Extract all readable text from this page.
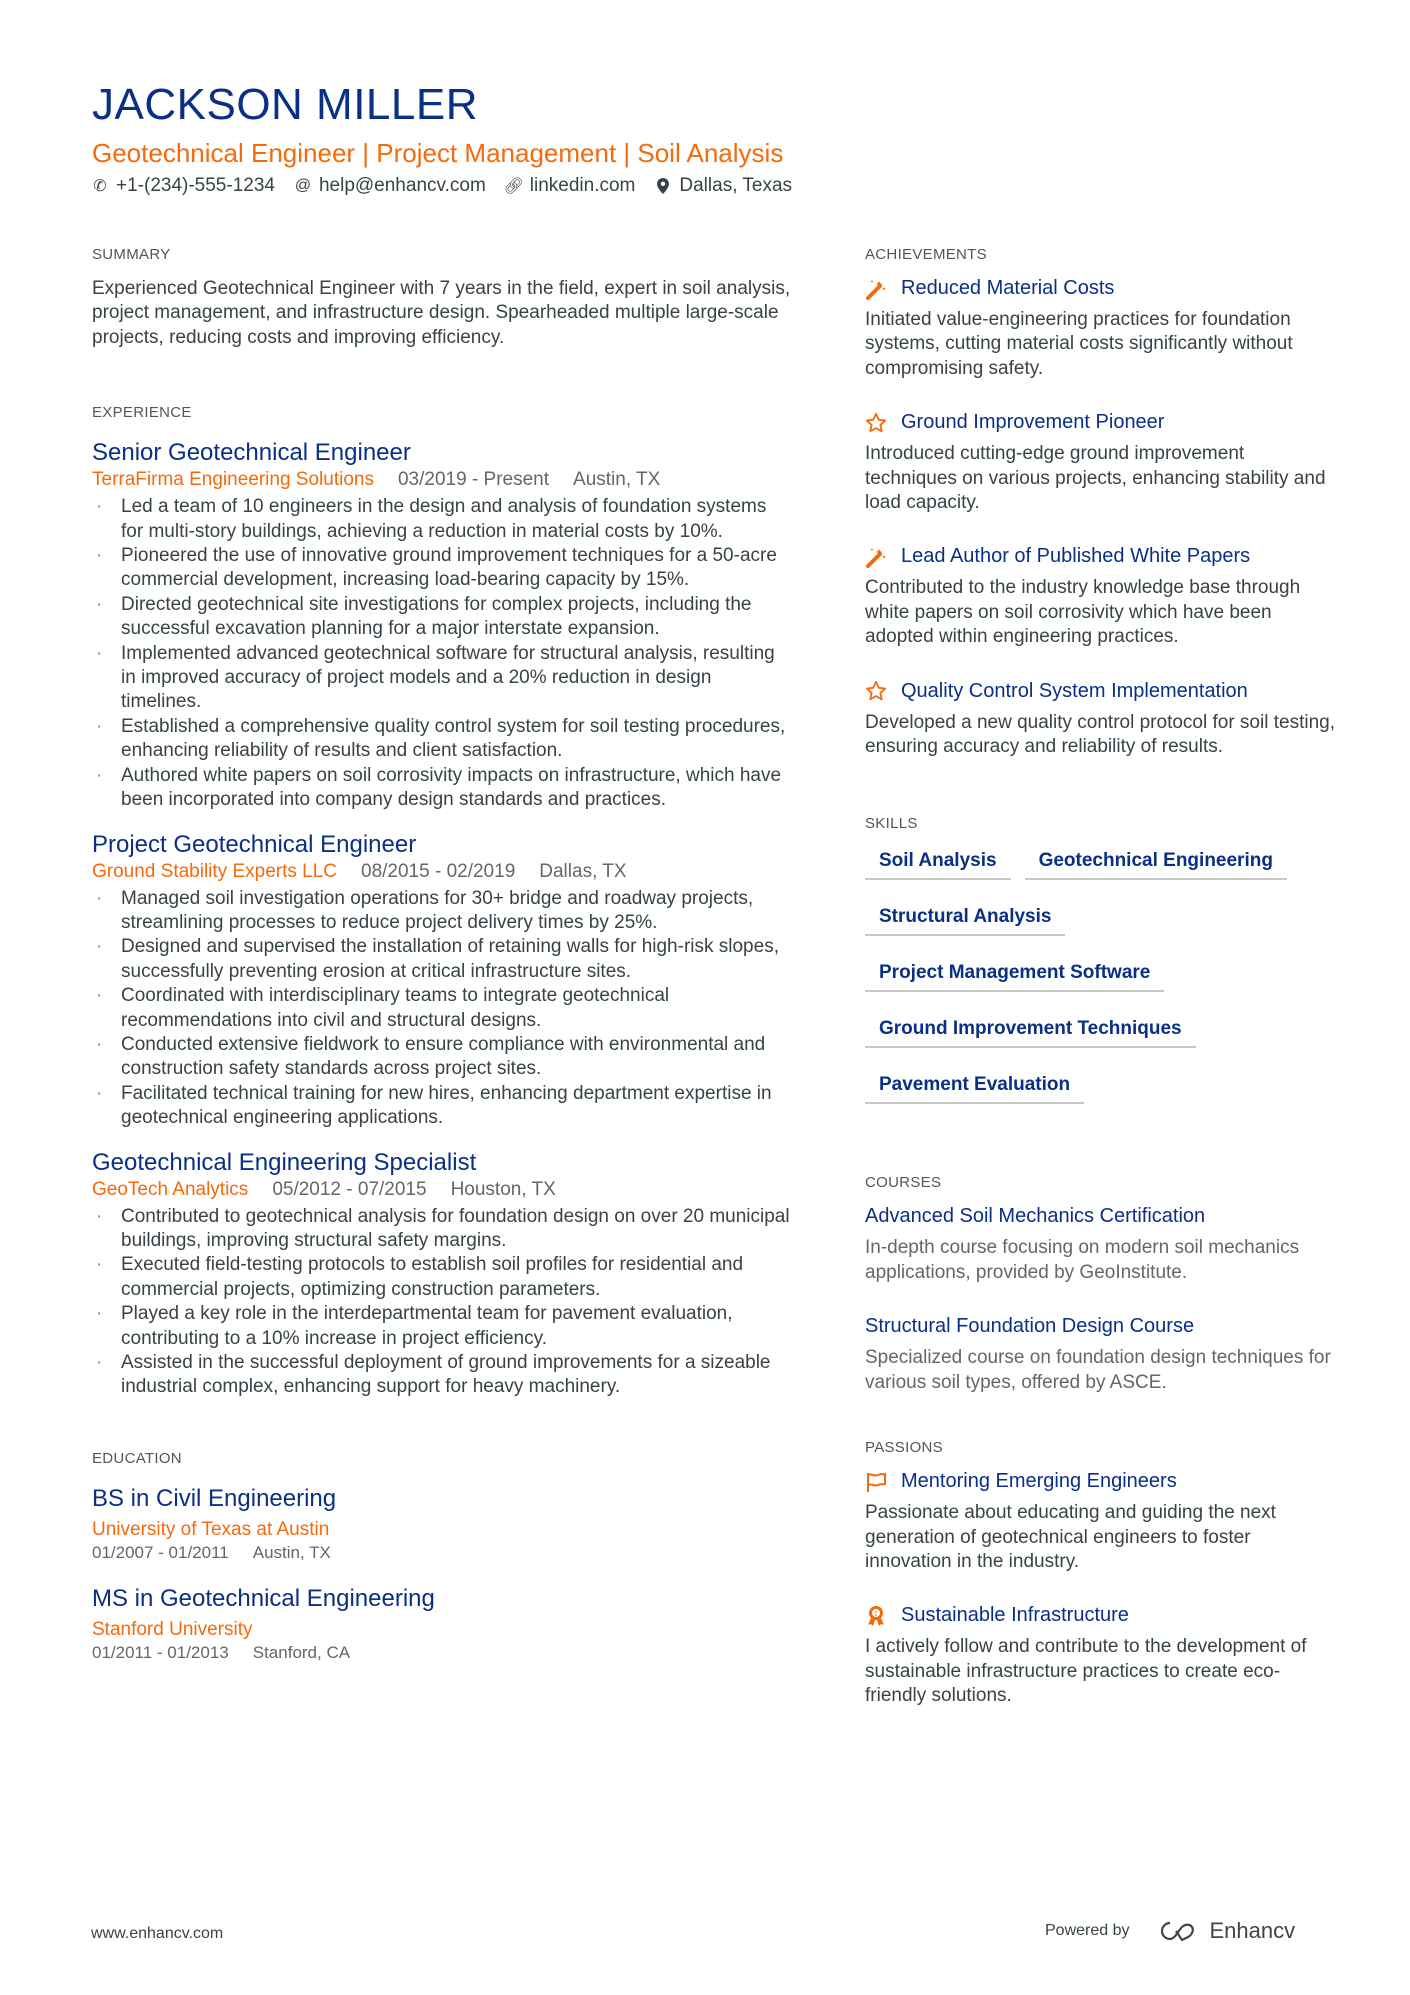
JACKSON MILLER
Geotechnical Engineer | Project Management | Soil Analysis
✆ +1-(234)-555-1234 @ help@enhancv.com 🔗︎ linkedin.com Dallas, Texas
SUMMARY
Experienced Geotechnical Engineer with 7 years in the field, expert in soil analysis, project management, and infrastructure design. Spearheaded multiple large-scale projects, reducing costs and improving efficiency.
EXPERIENCE
Senior Geotechnical Engineer
TerraFirma Engineering Solutions 03/2019 - Present Austin, TX
· Led a team of 10 engineers in the design and analysis of foundation systems for multi-story buildings, achieving a reduction in material costs by 10%.
· Pioneered the use of innovative ground improvement techniques for a 50-acre commercial development, increasing load-bearing capacity by 15%.
· Directed geotechnical site investigations for complex projects, including the successful excavation planning for a major interstate expansion.
· Implemented advanced geotechnical software for structural analysis, resulting in improved accuracy of project models and a 20% reduction in design timelines.
· Established a comprehensive quality control system for soil testing procedures, enhancing reliability of results and client satisfaction.
· Authored white papers on soil corrosivity impacts on infrastructure, which have been incorporated into company design standards and practices.
Project Geotechnical Engineer
Ground Stability Experts LLC 08/2015 - 02/2019 Dallas, TX
· Managed soil investigation operations for 30+ bridge and roadway projects, streamlining processes to reduce project delivery times by 25%.
· Designed and supervised the installation of retaining walls for high-risk slopes, successfully preventing erosion at critical infrastructure sites.
· Coordinated with interdisciplinary teams to integrate geotechnical recommendations into civil and structural designs.
· Conducted extensive fieldwork to ensure compliance with environmental and construction safety standards across project sites.
· Facilitated technical training for new hires, enhancing department expertise in geotechnical engineering applications.
Geotechnical Engineering Specialist
GeoTech Analytics 05/2012 - 07/2015 Houston, TX
· Contributed to geotechnical analysis for foundation design on over 20 municipal buildings, improving structural safety margins.
· Executed field-testing protocols to establish soil profiles for residential and commercial projects, optimizing construction parameters.
· Played a key role in the interdepartmental team for pavement evaluation, contributing to a 10% increase in project efficiency.
· Assisted in the successful deployment of ground improvements for a sizeable industrial complex, enhancing support for heavy machinery.
EDUCATION
BS in Civil Engineering
University of Texas at Austin
01/2007 - 01/2011 Austin, TX
MS in Geotechnical Engineering
Stanford University
01/2011 - 01/2013 Stanford, CA
ACHIEVEMENTS
Reduced Material Costs
Initiated value-engineering practices for foundation systems, cutting material costs significantly without compromising safety.
Ground Improvement Pioneer
Introduced cutting-edge ground improvement techniques on various projects, enhancing stability and load capacity.
Lead Author of Published White Papers
Contributed to the industry knowledge base through white papers on soil corrosivity which have been adopted within engineering practices.
Quality Control System Implementation
Developed a new quality control protocol for soil testing, ensuring accuracy and reliability of results.
SKILLS
Soil Analysis	Geotechnical Engineering
Structural Analysis
Project Management Software
Ground Improvement Techniques
Pavement Evaluation
COURSES
Advanced Soil Mechanics Certification
In-depth course focusing on modern soil mechanics applications, provided by GeoInstitute.
Structural Foundation Design Course
Specialized course on foundation design techniques for various soil types, offered by ASCE.
PASSIONS
Mentoring Emerging Engineers
Passionate about educating and guiding the next generation of geotechnical engineers to foster innovation in the industry.
1 Sustainable Infrastructure
I actively follow and contribute to the development of sustainable infrastructure practices to create eco-friendly solutions.
www.enhancv.com	Powered by	Enhancv
